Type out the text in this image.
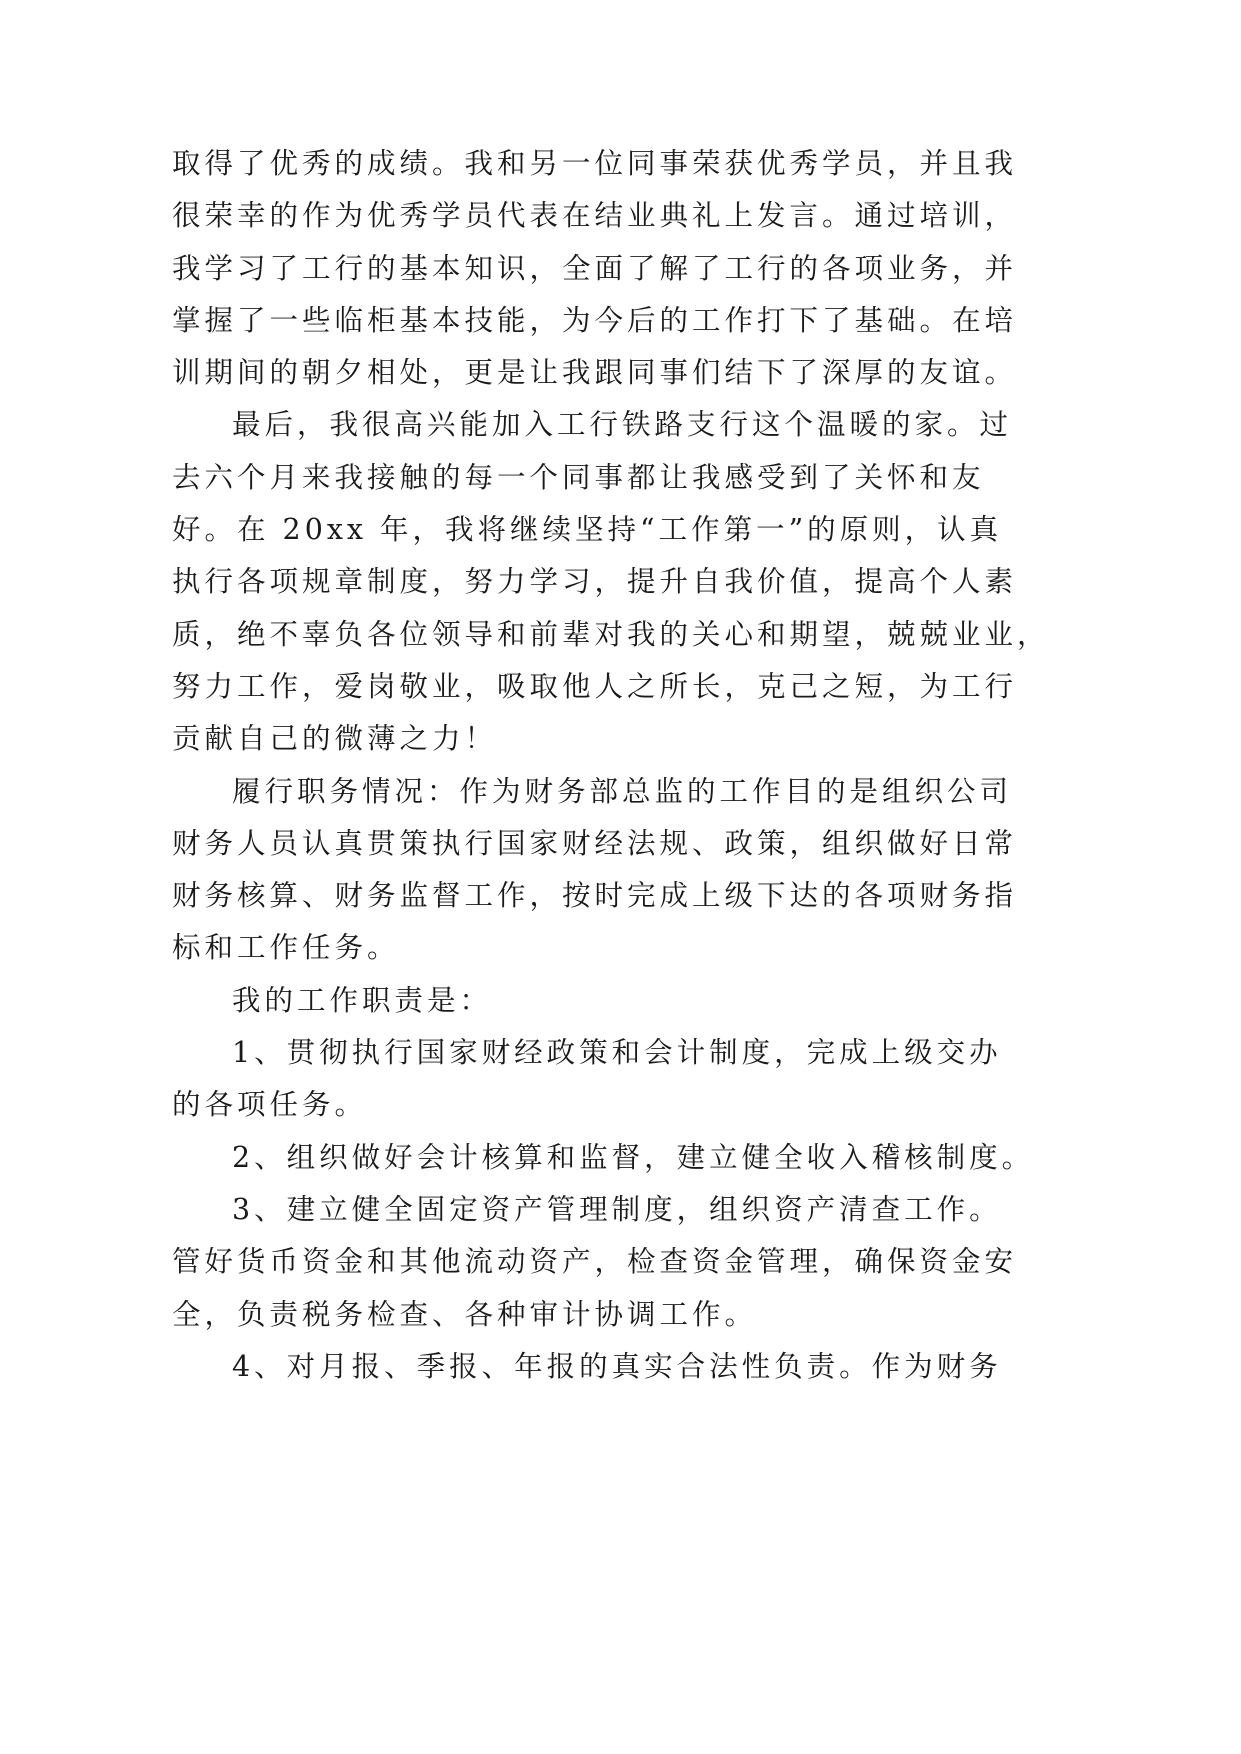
取得了优秀的成绩。我和另一位同事荣获优秀学员，并且我
很荣幸的作为优秀学员代表在结业典礼上发言。通过培训，
我学习了工行的基本知识，全面了解了工行的各项业务，并
掌握了一些临柜基本技能，为今后的工作打下了基础。在培
训期间的朝夕相处，更是让我跟同事们结下了深厚的友谊。
最后，我很高兴能加入工行铁路支行这个温暖的家。过
去六个月来我接触的每一个同事都让我感受到了关怀和友
好。在 20xx 年，我将继续坚持“工作第一”的原则，认真
执行各项规章制度，努力学习，提升自我价值，提高个人素
质，绝不辜负各位领导和前辈对我的关心和期望，兢兢业业，
努力工作，爱岗敬业，吸取他人之所长，克己之短，为工行
贡献自己的微薄之力！
履行职务情况：作为财务部总监的工作目的是组织公司
财务人员认真贯策执行国家财经法规、政策，组织做好日常
财务核算、财务监督工作，按时完成上级下达的各项财务指
标和工作任务。
我的工作职责是：
1、贯彻执行国家财经政策和会计制度，完成上级交办
的各项任务。
2、组织做好会计核算和监督，建立健全收入稽核制度。
3、建立健全固定资产管理制度，组织资产清查工作。
管好货币资金和其他流动资产，检查资金管理，确保资金安
全，负责税务检查、各种审计协调工作。
4、对月报、季报、年报的真实合法性负责。作为财务
